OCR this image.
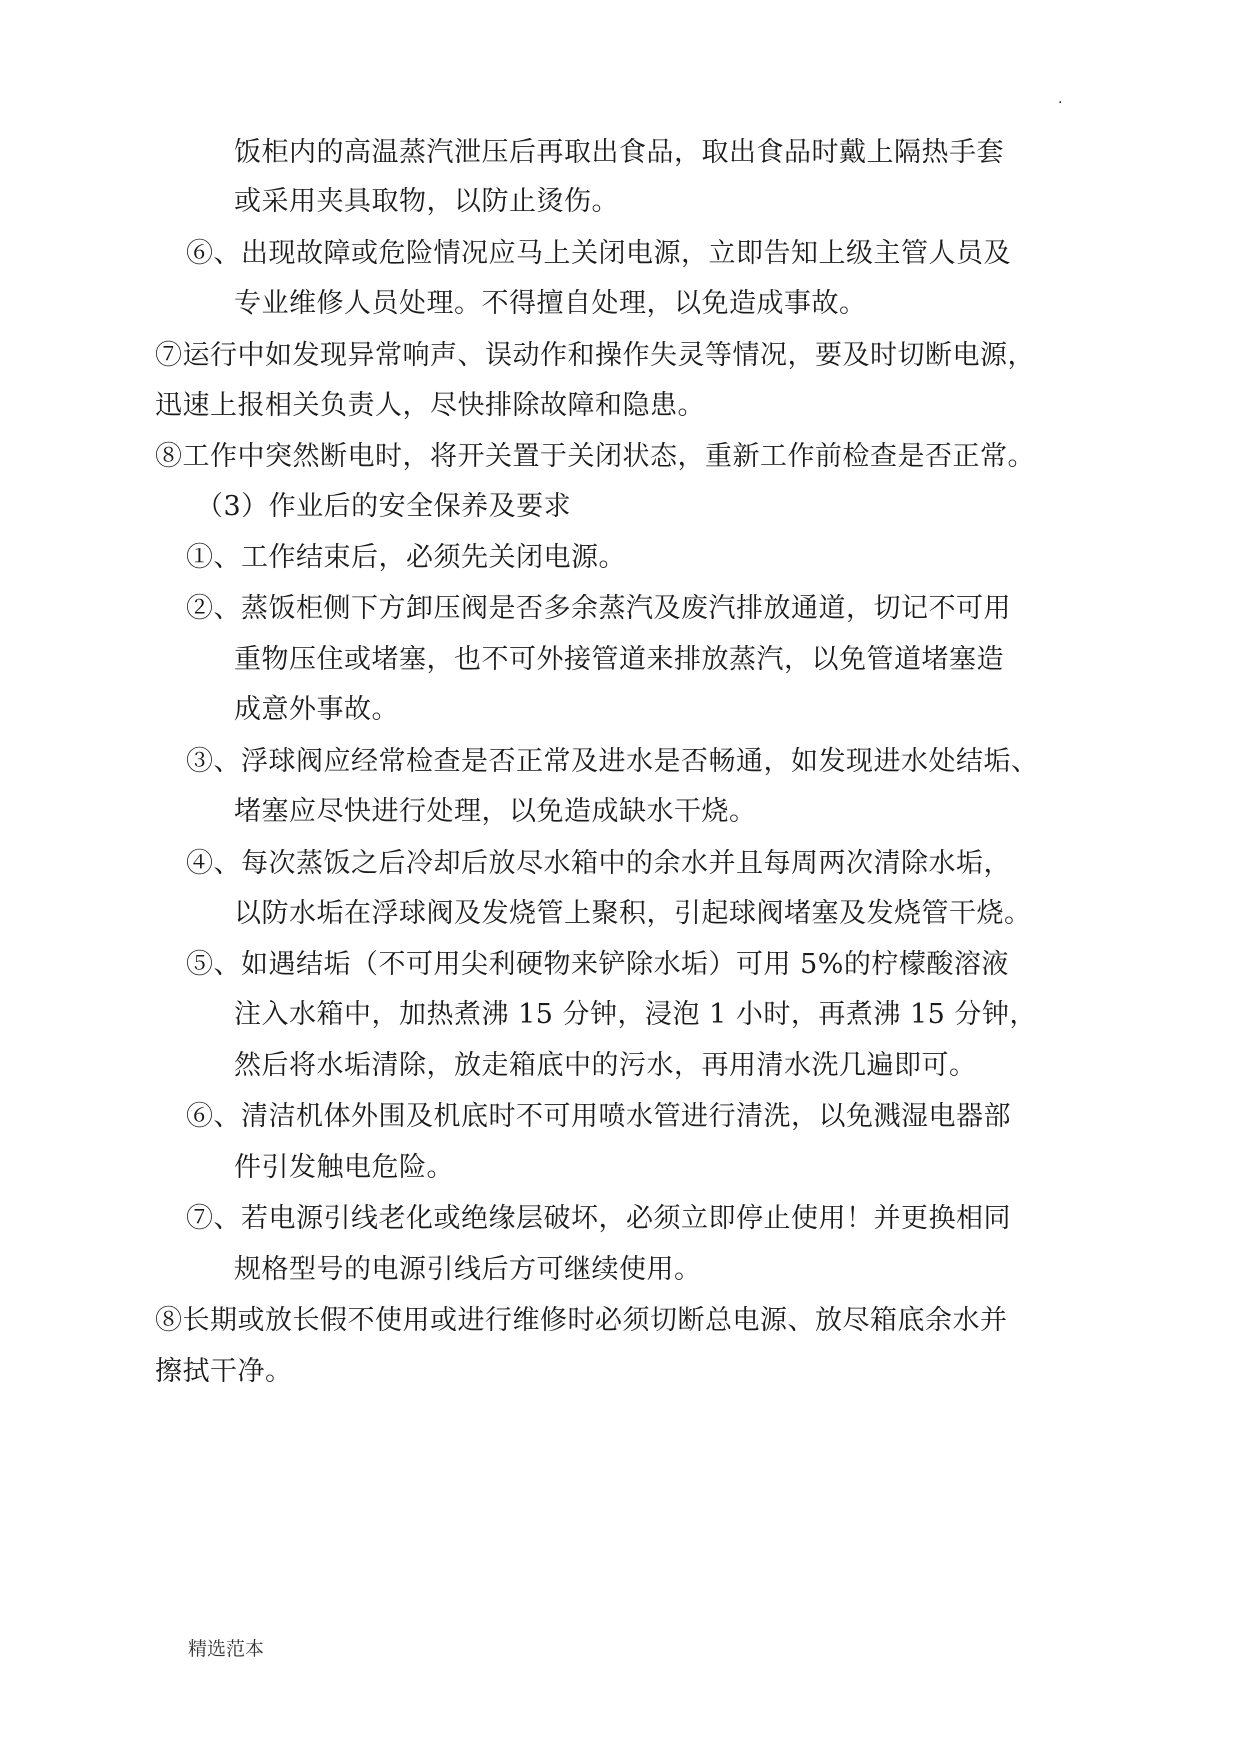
.
饭柜内的高温蒸汽泄压后再取出食品，取出食品时戴上隔热手套
或采用夹具取物，以防止烫伤。
⑥、出现故障或危险情况应马上关闭电源，立即告知上级主管人员及
专业维修人员处理。不得擅自处理，以免造成事故。
⑦运行中如发现异常响声、误动作和操作失灵等情况，要及时切断电源，
迅速上报相关负责人，尽快排除故障和隐患。
⑧工作中突然断电时，将开关置于关闭状态，重新工作前检查是否正常。
（3）作业后的安全保养及要求
①、工作结束后，必须先关闭电源。
②、蒸饭柜侧下方卸压阀是否多余蒸汽及废汽排放通道，切记不可用
重物压住或堵塞，也不可外接管道来排放蒸汽，以免管道堵塞造
成意外事故。
③、浮球阀应经常检查是否正常及进水是否畅通，如发现进水处结垢、
堵塞应尽快进行处理，以免造成缺水干烧。
④、每次蒸饭之后冷却后放尽水箱中的余水并且每周两次清除水垢，
以防水垢在浮球阀及发烧管上聚积，引起球阀堵塞及发烧管干烧。
⑤、如遇结垢（不可用尖利硬物来铲除水垢）可用 5%的柠檬酸溶液
注入水箱中，加热煮沸 15 分钟，浸泡 1 小时，再煮沸 15 分钟，
然后将水垢清除，放走箱底中的污水，再用清水洗几遍即可。
⑥、清洁机体外围及机底时不可用喷水管进行清洗，以免溅湿电器部
件引发触电危险。
⑦、若电源引线老化或绝缘层破坏，必须立即停止使用！并更换相同
规格型号的电源引线后方可继续使用。
⑧长期或放长假不使用或进行维修时必须切断总电源、放尽箱底余水并
擦拭干净。
精选范本
